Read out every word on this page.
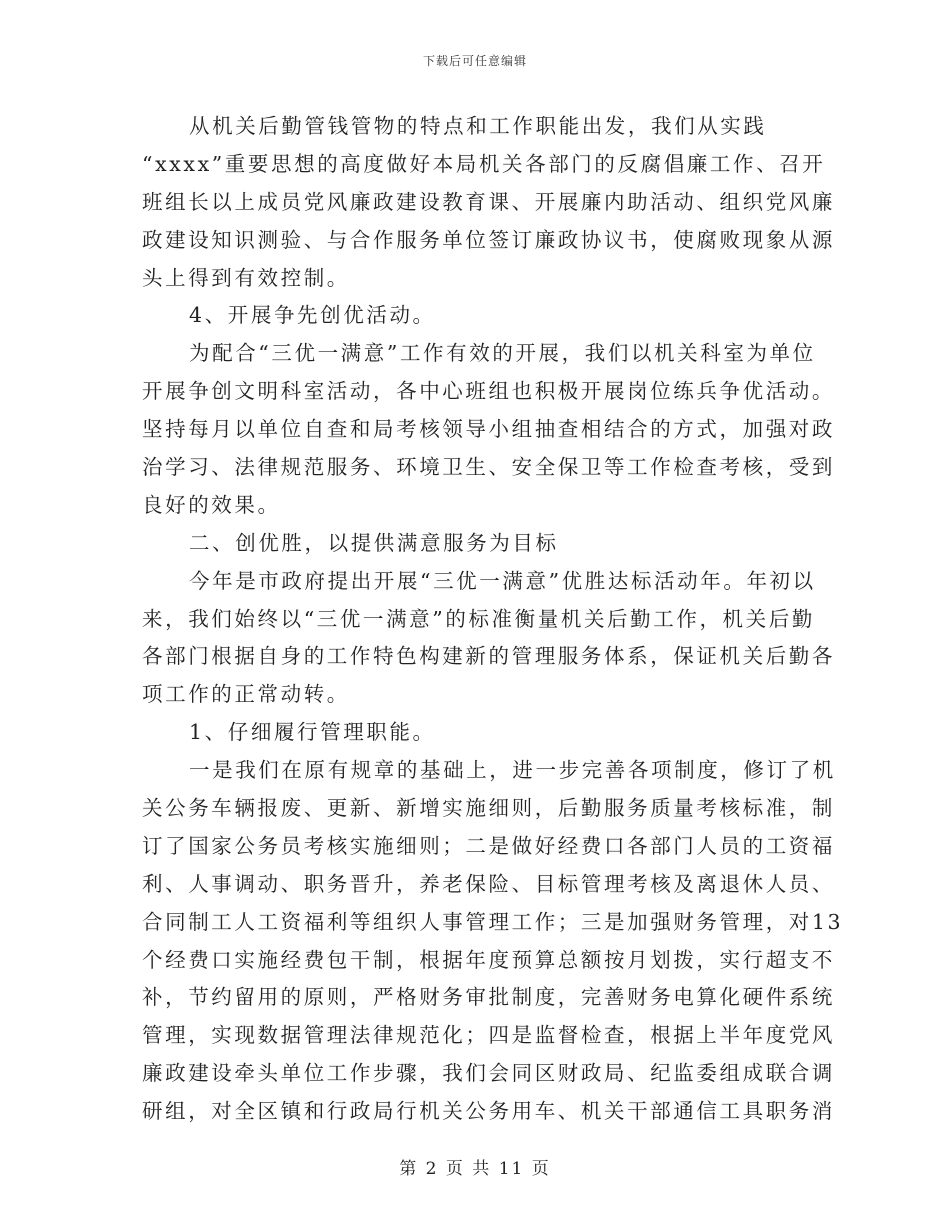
下载后可任意编辑
从机关后勤管钱管物的特点和工作职能出发，我们从实践
“xxxx”重要思想的高度做好本局机关各部门的反腐倡廉工作、召开
班组长以上成员党风廉政建设教育课、开展廉内助活动、组织党风廉
政建设知识测验、与合作服务单位签订廉政协议书，使腐败现象从源
头上得到有效控制。
4、开展争先创优活动。
为配合“三优一满意”工作有效的开展，我们以机关科室为单位
开展争创文明科室活动，各中心班组也积极开展岗位练兵争优活动。
坚持每月以单位自查和局考核领导小组抽查相结合的方式，加强对政
治学习、法律规范服务、环境卫生、安全保卫等工作检查考核，受到
良好的效果。
二、创优胜，以提供满意服务为目标
今年是市政府提出开展“三优一满意”优胜达标活动年。年初以
来，我们始终以“三优一满意”的标准衡量机关后勤工作，机关后勤
各部门根据自身的工作特色构建新的管理服务体系，保证机关后勤各
项工作的正常动转。
1、仔细履行管理职能。
一是我们在原有规章的基础上，进一步完善各项制度，修订了机
关公务车辆报废、更新、新增实施细则，后勤服务质量考核标准，制
订了国家公务员考核实施细则；二是做好经费口各部门人员的工资福
利、人事调动、职务晋升，养老保险、目标管理考核及离退休人员、
合同制工人工资福利等组织人事管理工作；三是加强财务管理，对13
个经费口实施经费包干制，根据年度预算总额按月划拨，实行超支不
补，节约留用的原则，严格财务审批制度，完善财务电算化硬件系统
管理，实现数据管理法律规范化；四是监督检查，根据上半年度党风
廉政建设牵头单位工作步骤，我们会同区财政局、纪监委组成联合调
研组，对全区镇和行政局行机关公务用车、机关干部通信工具职务消
第 2 页 共 11 页
